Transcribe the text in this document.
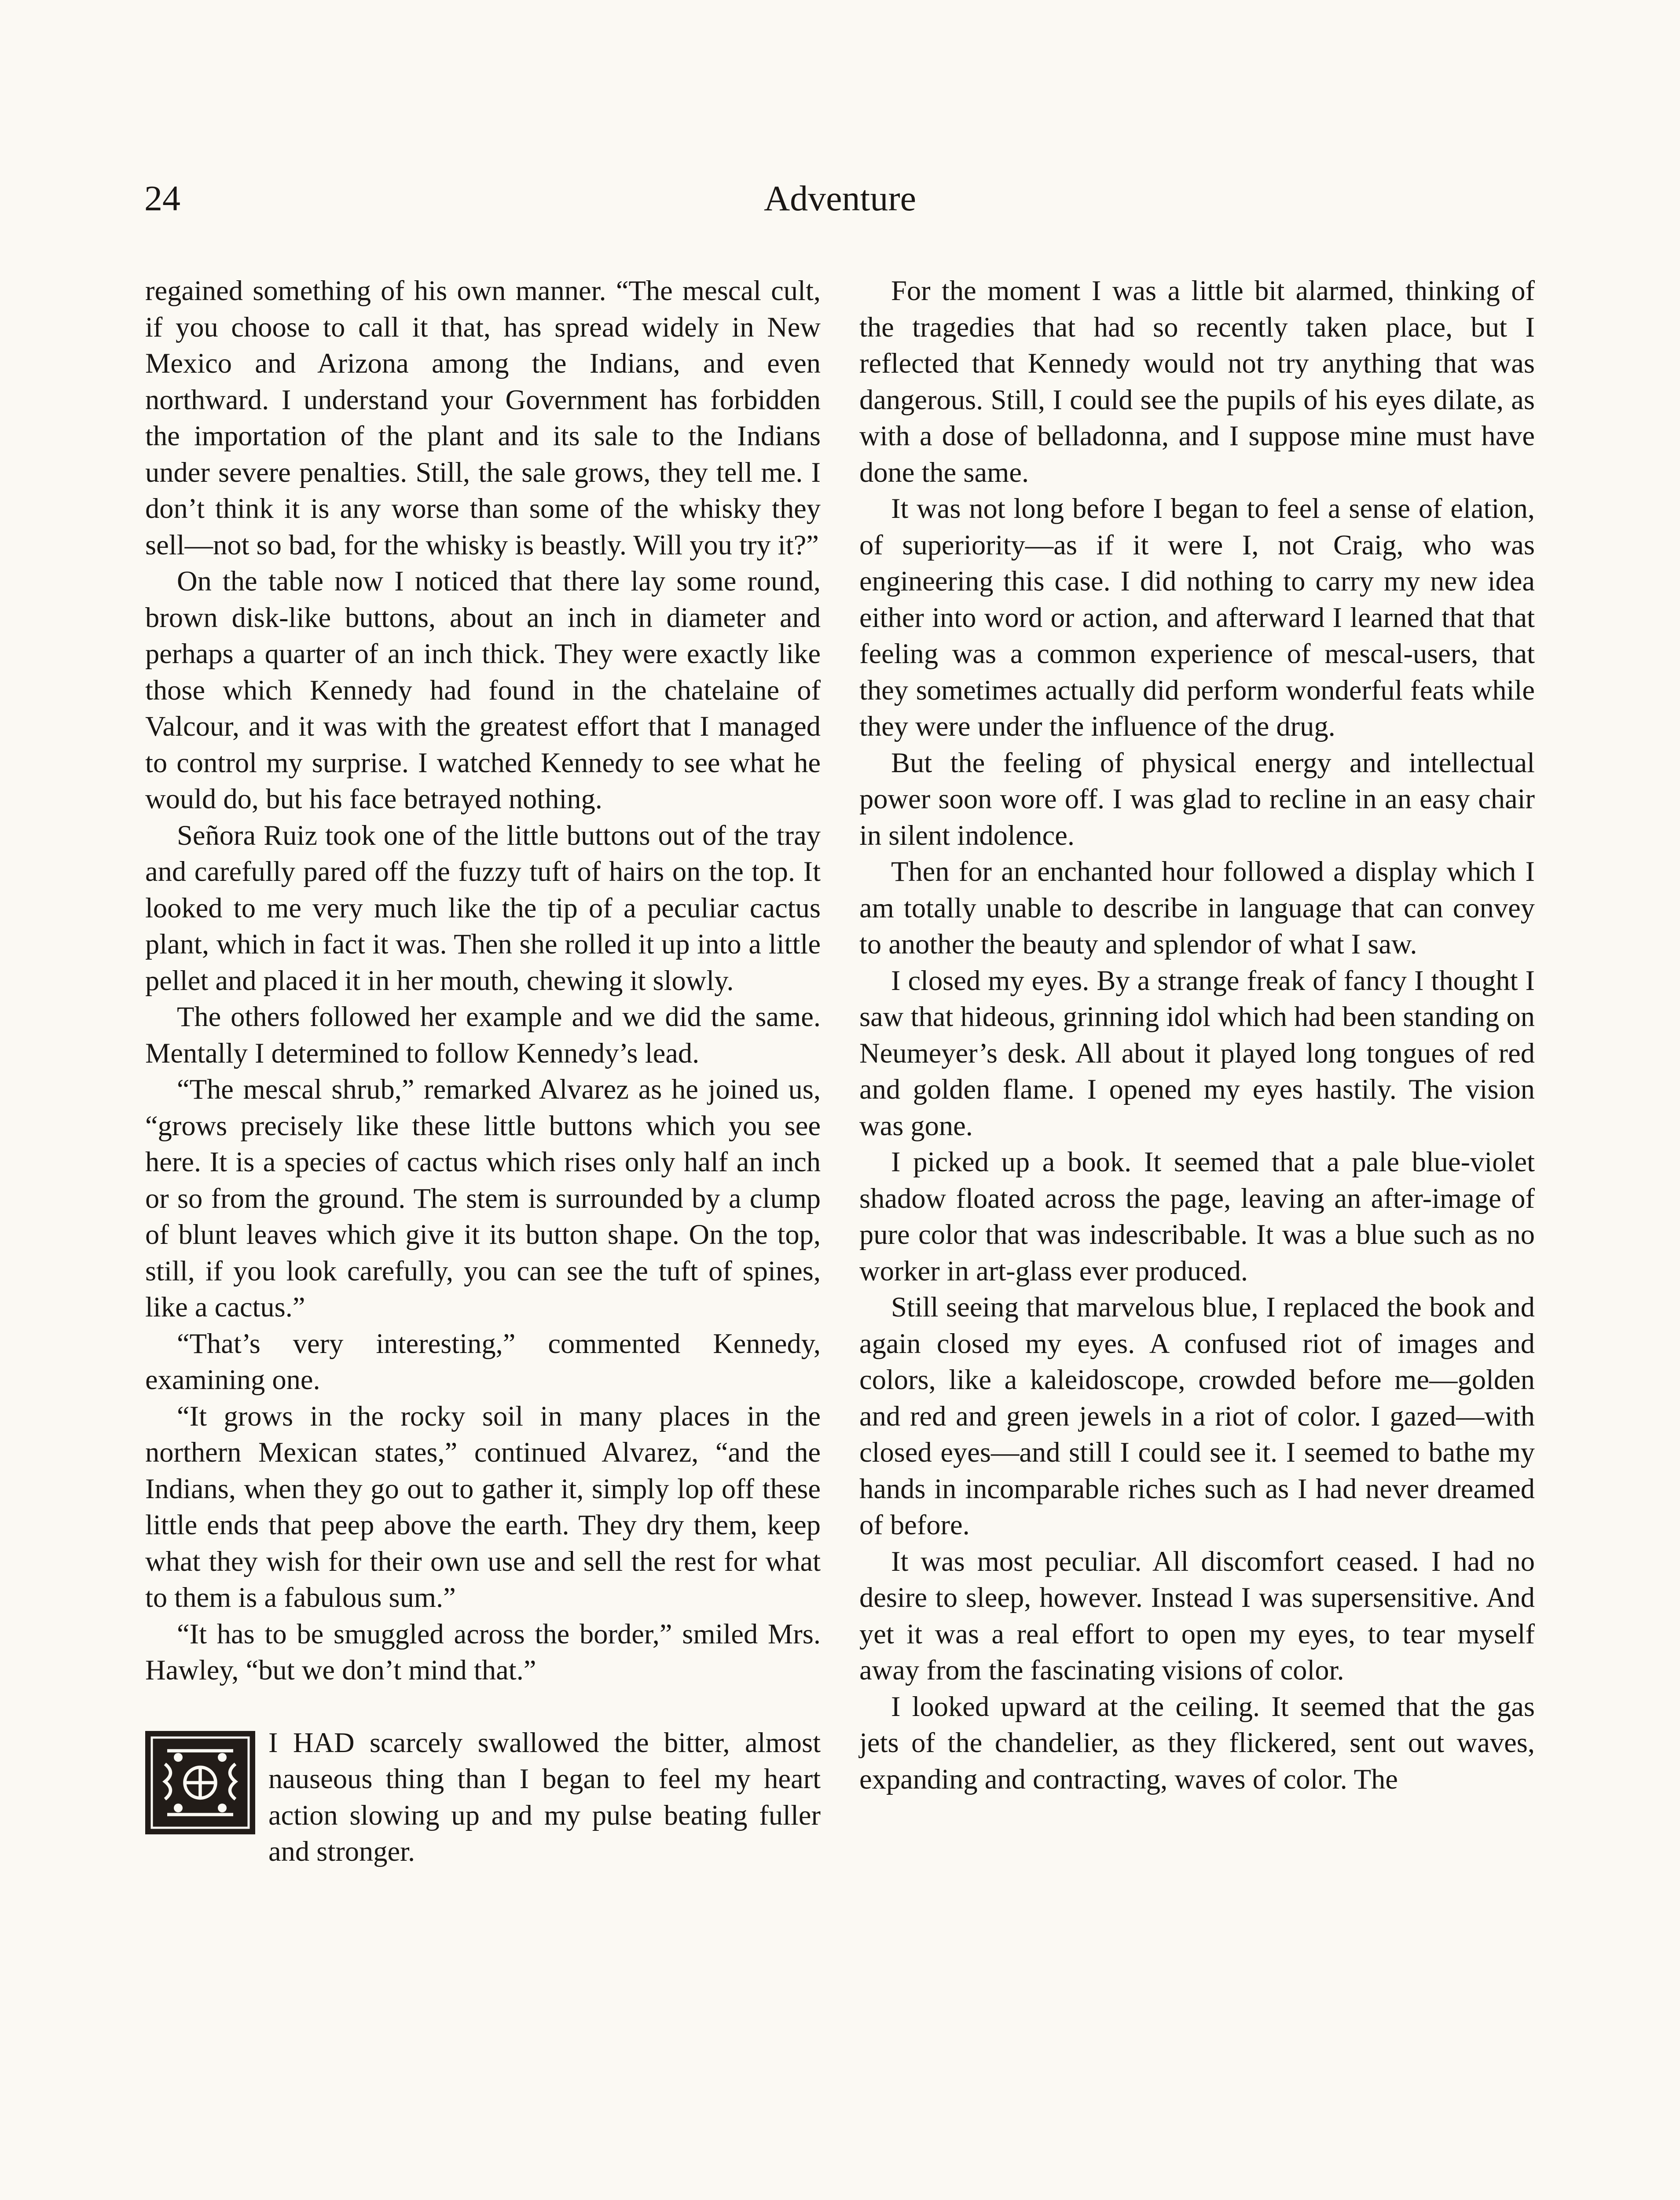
24	Adventure

regained something of his own manner. “The mescal cult, if you choose to call it that, has spread widely in New Mexico and Arizona among the Indians, and even northward. I understand your Government has forbidden the importation of the plant and its sale to the Indians under severe penalties. Still, the sale grows, they tell me. I don’t think it is any worse than some of the whisky they sell—not so bad, for the whisky is beastly. Will you try it?”

On the table now I noticed that there lay some round, brown disk-like buttons, about an inch in diameter and perhaps a quarter of an inch thick. They were exactly like those which Kennedy had found in the chatelaine of Valcour, and it was with the greatest effort that I managed to control my surprise. I watched Kennedy to see what he would do, but his face betrayed nothing.

Señora Ruiz took one of the little buttons out of the tray and carefully pared off the fuzzy tuft of hairs on the top. It looked to me very much like the tip of a peculiar cactus plant, which in fact it was. Then she rolled it up into a little pellet and placed it in her mouth, chewing it slowly.

The others followed her example and we did the same. Mentally I determined to follow Kennedy’s lead.

“The mescal shrub,” remarked Alvarez as he joined us, “grows precisely like these little buttons which you see here. It is a species of cactus which rises only half an inch or so from the ground. The stem is surrounded by a clump of blunt leaves which give it its button shape. On the top, still, if you look carefully, you can see the tuft of spines, like a cactus.”

“That’s very interesting,” commented Kennedy, examining one.

“It grows in the rocky soil in many places in the northern Mexican states,” continued Alvarez, “and the Indians, when they go out to gather it, simply lop off these little ends that peep above the earth. They dry them, keep what they wish for their own use and sell the rest for what to them is a fabulous sum.”

“It has to be smuggled across the border,” smiled Mrs. Hawley, “but we don’t mind that.”

I HAD scarcely swallowed the bitter, almost nauseous thing than I began to feel my heart action slowing up and my pulse beating fuller and stronger.

For the moment I was a little bit alarmed, thinking of the tragedies that had so recently taken place, but I reflected that Kennedy would not try anything that was dangerous. Still, I could see the pupils of his eyes dilate, as with a dose of belladonna, and I suppose mine must have done the same.

It was not long before I began to feel a sense of elation, of superiority—as if it were I, not Craig, who was engineering this case. I did nothing to carry my new idea either into word or action, and afterward I learned that that feeling was a common experience of mescal-users, that they sometimes actually did perform wonderful feats while they were under the influence of the drug.

But the feeling of physical energy and intellectual power soon wore off. I was glad to recline in an easy chair in silent indolence.

Then for an enchanted hour followed a display which I am totally unable to describe in language that can convey to another the beauty and splendor of what I saw.

I closed my eyes. By a strange freak of fancy I thought I saw that hideous, grinning idol which had been standing on Neumeyer’s desk. All about it played long tongues of red and golden flame. I opened my eyes hastily. The vision was gone.

I picked up a book. It seemed that a pale blue-violet shadow floated across the page, leaving an after-image of pure color that was indescribable. It was a blue such as no worker in art-glass ever produced.

Still seeing that marvelous blue, I replaced the book and again closed my eyes. A confused riot of images and colors, like a kaleidoscope, crowded before me—golden and red and green jewels in a riot of color. I gazed—with closed eyes—and still I could see it. I seemed to bathe my hands in incomparable riches such as I had never dreamed of before.

It was most peculiar. All discomfort ceased. I had no desire to sleep, however. Instead I was supersensitive. And yet it was a real effort to open my eyes, to tear myself away from the fascinating visions of color.

I looked upward at the ceiling. It seemed that the gas jets of the chandelier, as they flickered, sent out waves, expanding and contracting, waves of color. The
